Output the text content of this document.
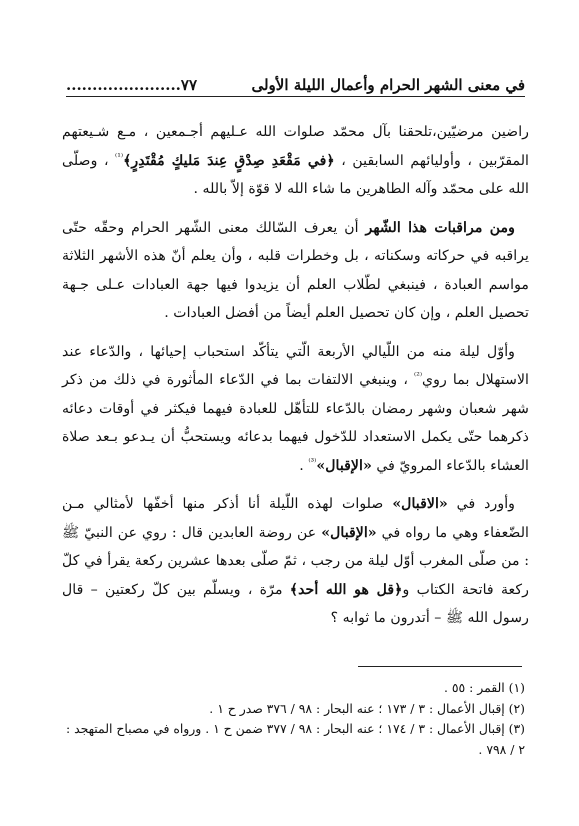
في معنى الشهر الحرام وأعمال الليلة الأولى
......................٧٧

راضين مرضيّين،تلحقنا بآل محمّد صلوات الله عـليهم أجـمعين ، مـع شـيعتهم المقرّبين ، وأوليائهم السابقين ، ﴿في مَقْعَدِ صِدْقٍ عِندَ مَليكٍ مُقْتَدِرٍ﴾$^{^{(1)}}$ ، وصلّى الله على محمّد وآله الطاهرين ما شاء الله لا قوّة إلاّ بالله .

ومن مراقبات هذا الشّهر أن يعرف السّالك معنى الشّهر الحرام وحقّه حتّى يراقبه في حركاته وسكناته ، بل وخطرات قلبه ، وأن يعلم أنّ هذه الأشهر الثلاثة مواسم العبادة ، فينبغي لطّلاب العلم أن يزيدوا فيها جهة العبادات عـلى جـهة تحصيل العلم ، وإن كان تحصيل العلم أيضاً من أفضل العبادات .

وأوّل ليلة منه من اللّيالي الأربعة الّتي يتأكّد استحباب إحيائها ، والدّعاء عند الاستهلال بما روي$^{^{(2)}}$ ، وينبغي الالتفات بما في الدّعاء المأثورة في ذلك من ذكر شهر شعبان وشهر رمضان بالدّعاء للتأهّل للعبادة فيهما فيكثر في أوقات دعائه ذكرهما حتّى يكمل الاستعداد للدّخول فيهما بدعائه ويستحبُّ أن يـدعو بـعد صلاة العشاء بالدّعاء المرويّ في «الإقبال»$^{^{(3)}}$ .

وأورد في «الاقبال» صلوات لهذه اللّيلة أنا أذكر منها أخفّها لأمثالي مـن الضّعفاء وهي ما رواه في «الإقبال» عن روضة العابدين قال : روي عن النبيّ ﷺ : من صلّى المغرب أوّل ليلة من رجب ، ثمّ صلّى بعدها عشرين ركعة يقرأ في كلّ ركعة فاتحة الكتاب و﴿قل هو الله أحد﴾ مرّة ، ويسلّم بين كلّ ركعتين – قال رسول الله ﷺ – أتدرون ما ثوابه ؟

(١) القمر : ٥٥ .
(٢) إقبال الأعمال : ٣ / ١٧٣ ؛ عنه البحار : ٩٨ / ٣٧٦ صدر ح ١ .
(٣) إقبال الأعمال : ٣ / ١٧٤ ؛ عنه البحار : ٩٨ / ٣٧٧ ضمن ح ١ . ورواه في مصباح المتهجد : ٢ / ٧٩٨ .
